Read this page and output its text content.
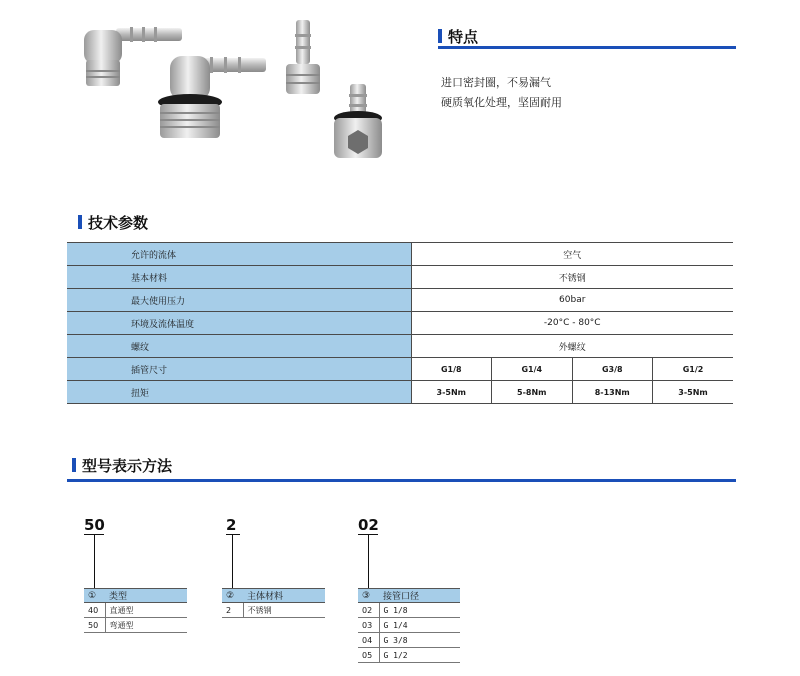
特点
进口密封圈，不易漏气
硬质氧化处理，坚固耐用
技术参数
允许的流体	空气			
基本材料	不锈钢			
最大使用压力	60bar			
环境及流体温度	-20°C - 80°C			
螺纹	外螺纹			
插管尺寸	G1/8	G1/4	G3/8	G1/2
扭矩	3-5Nm	5-8Nm	8-13Nm	3-5Nm
型号表示方法
50	2	02
①	类型
40	直通型
50	弯通型
②	主体材料
2	不锈钢
③	接管口径
02	G 1/8
03	G 1/4
04	G 3/8
05	G 1/2
